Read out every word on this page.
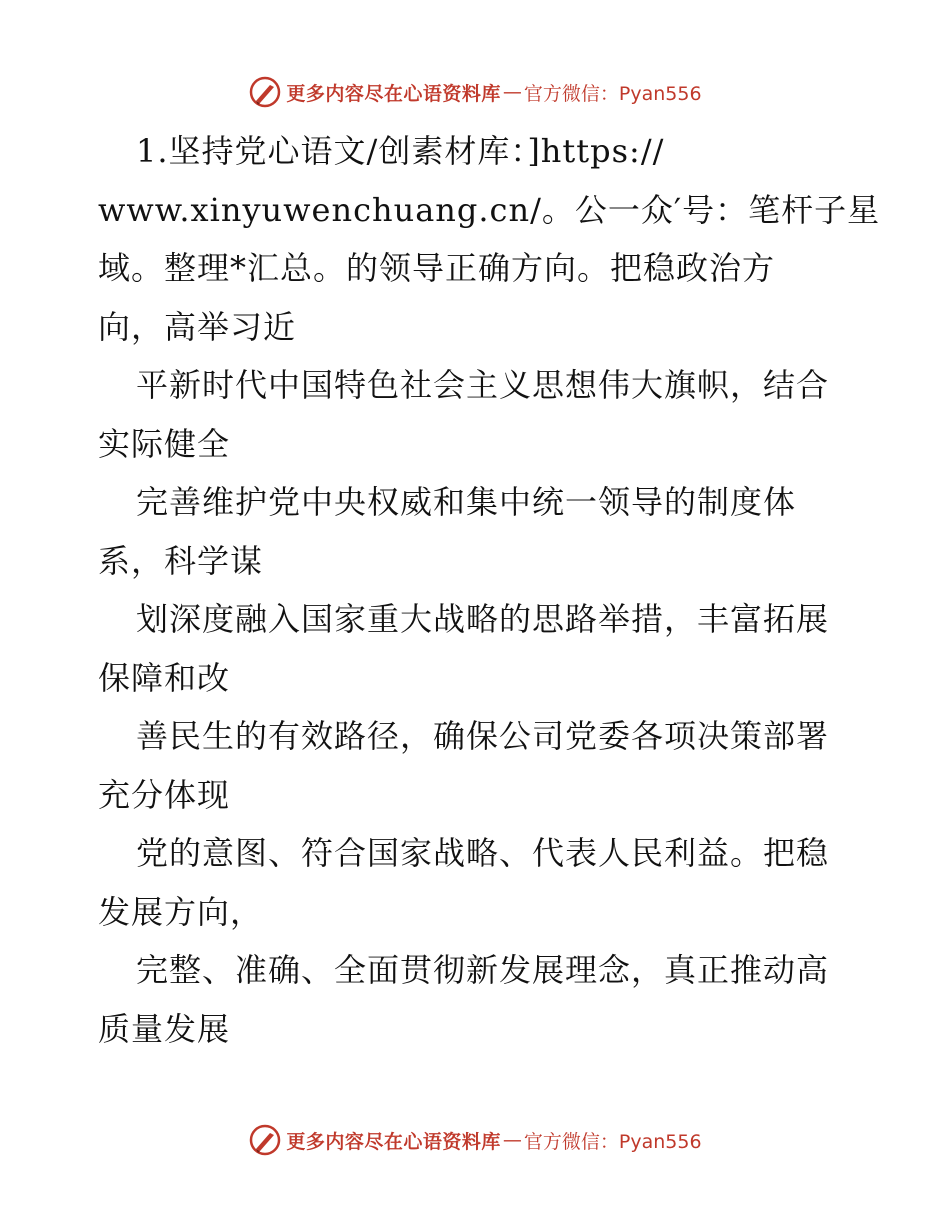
更多内容尽在心语资料库 — 官方微信：Pyan556
1.坚持党心语文/创素材库：]https://
www.xinyuwenchuang.cn/。公一众′号：笔杆子星
域。整理*汇总。的领导正确方向。把稳政治方
向，高举习近
平新时代中国特色社会主义思想伟大旗帜，结合
实际健全
完善维护党中央权威和集中统一领导的制度体
系，科学谋
划深度融入国家重大战略的思路举措，丰富拓展
保障和改
善民生的有效路径，确保公司党委各项决策部署
充分体现
党的意图、符合国家战略、代表人民利益。把稳
发展方向，
完整、准确、全面贯彻新发展理念，真正推动高
质量发展
更多内容尽在心语资料库 — 官方微信：Pyan556
